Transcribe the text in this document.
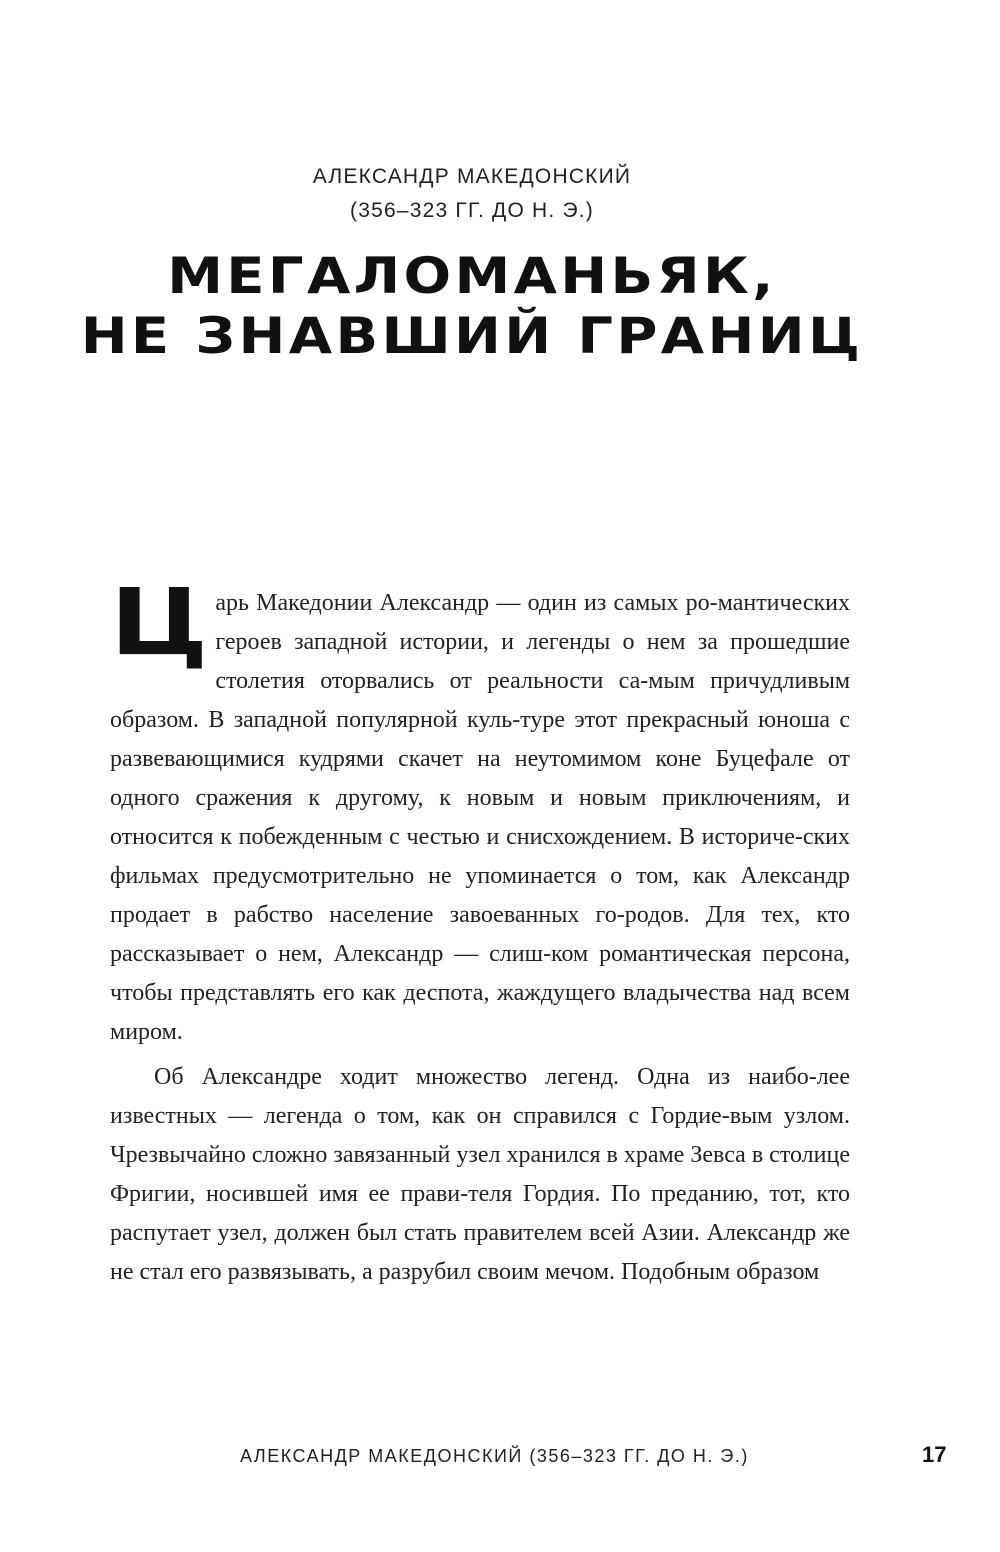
АЛЕКСАНДР МАКЕДОНСКИЙ
(356–323 ГГ. ДО Н. Э.)
МЕГАЛОМАНЬЯК,
НЕ ЗНАВШИЙ ГРАНИЦ

Царь Македонии Александр — один из самых ро-мантических героев западной истории, и легенды о нем за прошедшие столетия оторвались от реальности са-мым причудливым образом. В западной популярной куль-туре этот прекрасный юноша с развевающимися кудрями скачет на неутомимом коне Буцефале от одного сражения к другому, к новым и новым приключениям, и относится к побежденным с честью и снисхождением. В историче-ских фильмах предусмотрительно не упоминается о том, как Александр продает в рабство население завоеванных го-родов. Для тех, кто рассказывает о нем, Александр — слиш-ком романтическая персона, чтобы представлять его как деспота, жаждущего владычества над всем миром.

Об Александре ходит множество легенд. Одна из наибо-лее известных — легенда о том, как он справился с Гордие-вым узлом. Чрезвычайно сложно завязанный узел хранился в храме Зевса в столице Фригии, носившей имя ее прави-теля Гордия. По преданию, тот, кто распутает узел, должен был стать правителем всей Азии. Александр же не стал его развязывать, а разрубил своим мечом. Подобным образом

АЛЕКСАНДР МАКЕДОНСКИЙ (356–323 ГГ. ДО Н. Э.)	17
